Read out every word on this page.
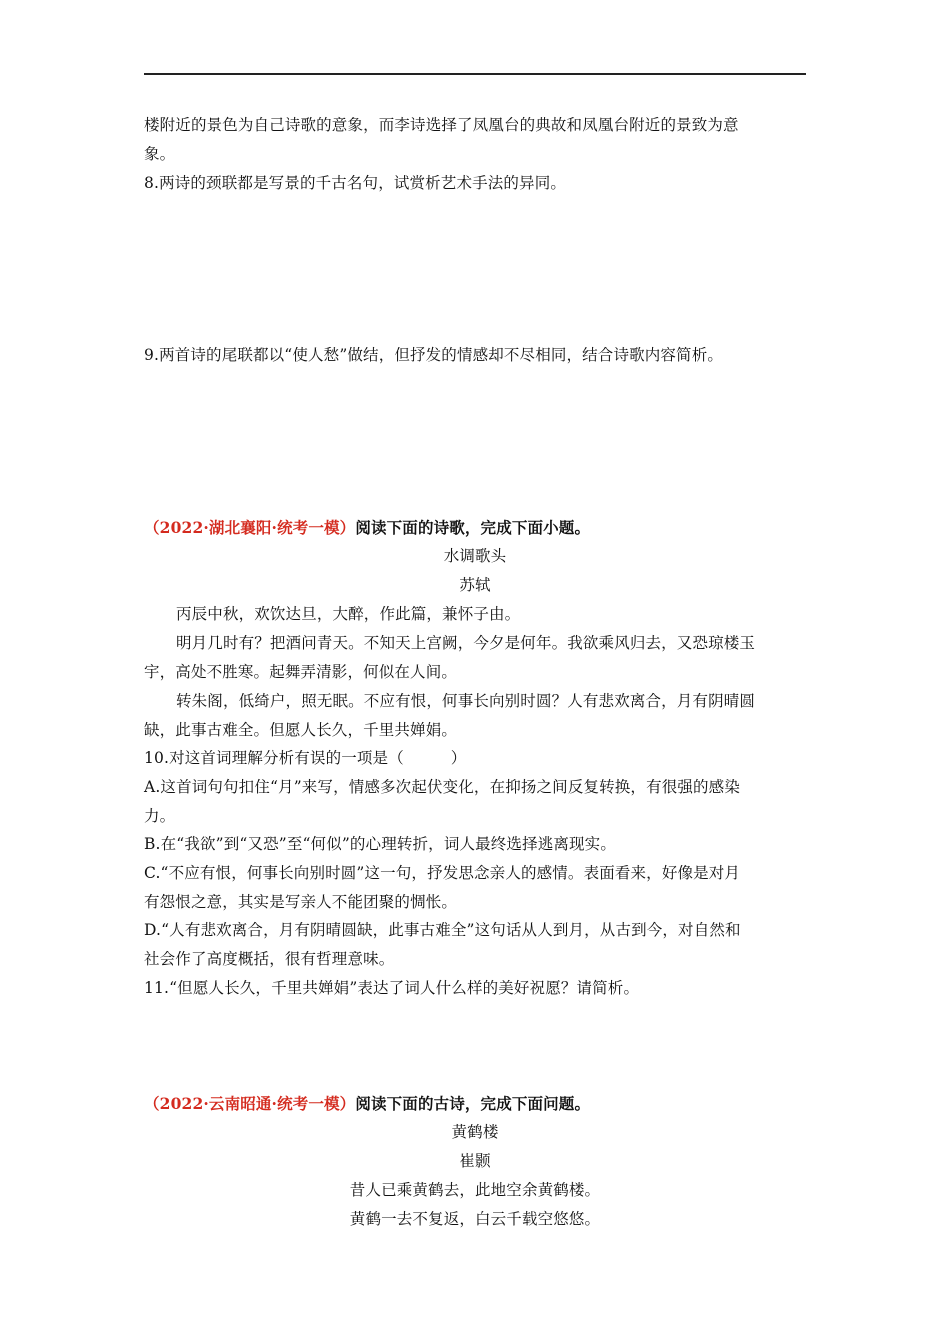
楼附近的景色为自己诗歌的意象，而李诗选择了凤凰台的典故和凤凰台附近的景致为意
象。
8.两诗的颈联都是写景的千古名句，试赏析艺术手法的异同。
9.两首诗的尾联都以“使人愁”做结，但抒发的情感却不尽相同，结合诗歌内容简析。
（2022·湖北襄阳·统考一模）阅读下面的诗歌，完成下面小题。
水调歌头
苏轼
丙辰中秋，欢饮达旦，大醉，作此篇，兼怀子由。
明月几时有？把酒问青天。不知天上宫阙，今夕是何年。我欲乘风归去，又恐琼楼玉
宇，高处不胜寒。起舞弄清影，何似在人间。
转朱阁，低绮户，照无眠。不应有恨，何事长向别时圆？人有悲欢离合，月有阴晴圆
缺，此事古难全。但愿人长久，千里共婵娟。
10.对这首词理解分析有误的一项是（　　　）
A.这首词句句扣住“月”来写，情感多次起伏变化，在抑扬之间反复转换，有很强的感染
力。
B.在“我欲”到“又恐”至“何似”的心理转折，词人最终选择逃离现实。
C.“不应有恨，何事长向别时圆”这一句，抒发思念亲人的感情。表面看来，好像是对月
有怨恨之意，其实是写亲人不能团聚的惆怅。
D.“人有悲欢离合，月有阴晴圆缺，此事古难全”这句话从人到月，从古到今，对自然和
社会作了高度概括，很有哲理意味。
11.“但愿人长久，千里共婵娟”表达了词人什么样的美好祝愿？请简析。
（2022·云南昭通·统考一模）阅读下面的古诗，完成下面问题。
黄鹤楼
崔颢
昔人已乘黄鹤去，此地空余黄鹤楼。
黄鹤一去不复返，白云千载空悠悠。
